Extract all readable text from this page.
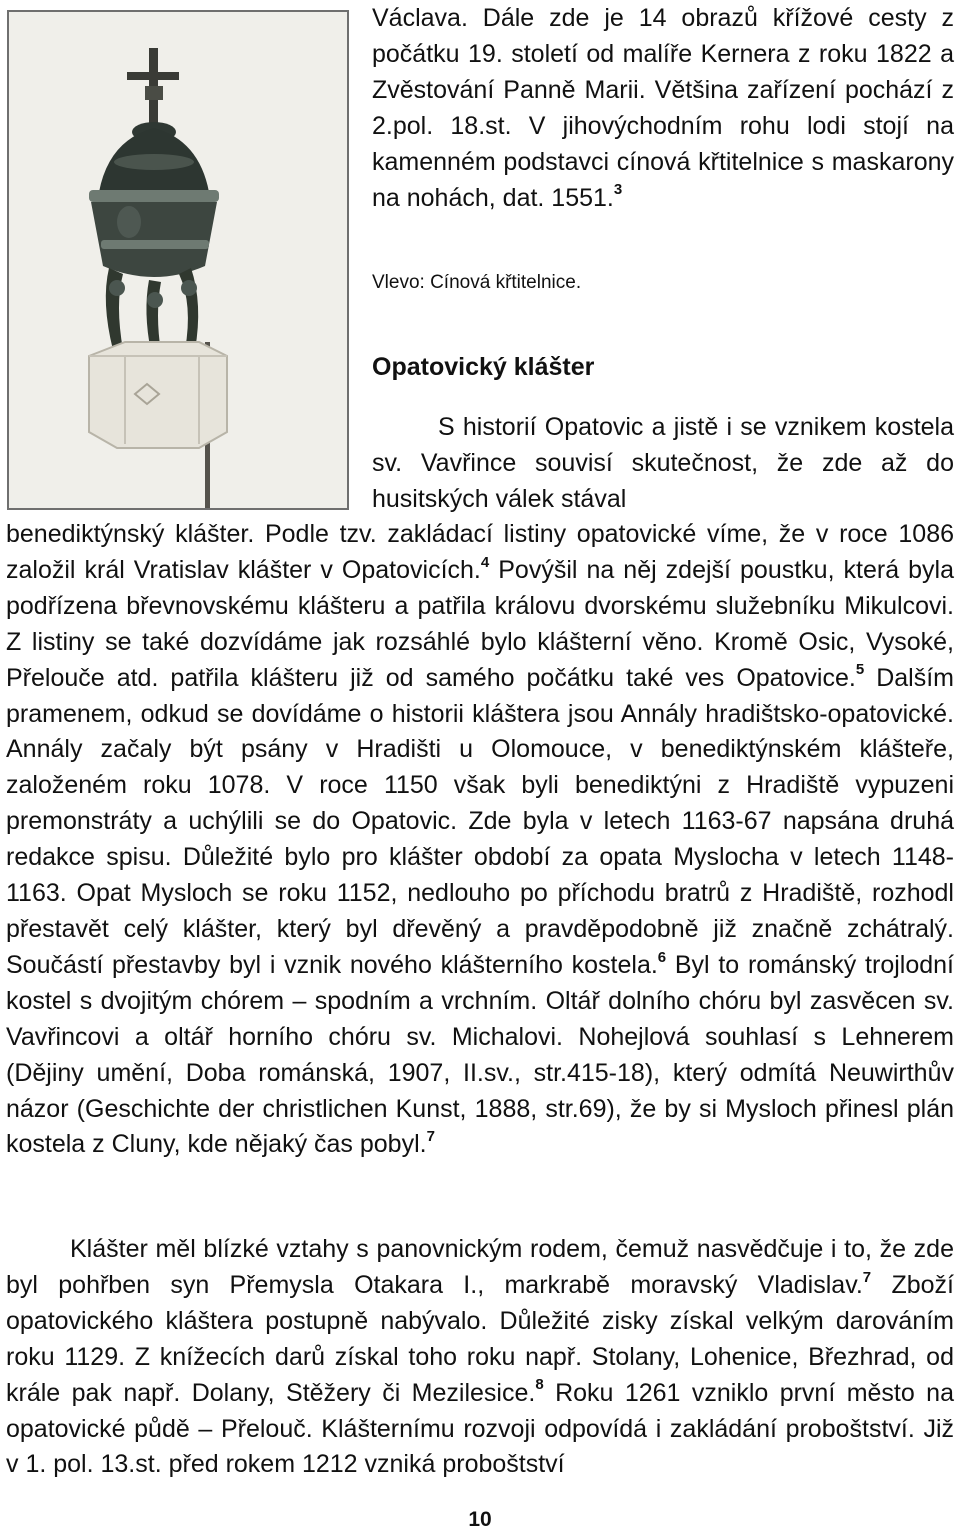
Václava. Dále zde je 14 obrazů křížové cesty z počátku 19. století od malíře Kernera z roku 1822 a Zvěstování Panně Marii. Většina zařízení pochází z 2.pol. 18.st. V jihovýchodním rohu lodi stojí na kamenném podstavci cínová křtitelnice s maskarony na nohách, dat. 1551.$^3$

Vlevo: Cínová křtitelnice.
Opatovický klášter

S historií Opatovic a jistě i se vznikem kostela sv. Vavřince souvisí skutečnost, že zde až do husitských válek stával

benediktýnský klášter. Podle tzv. zakládací listiny opatovické víme, že v roce 1086 založil král Vratislav klášter v Opatovicích.$^4$ Povýšil na něj zdejší poustku, která byla podřízena břevnovskému klášteru a patřila královu dvorskému služebníku Mikulcovi. Z listiny se také dozvídáme jak rozsáhlé bylo klášterní věno. Kromě Osic, Vysoké, Přelouče atd. patřila klášteru již od samého počátku také ves Opatovice.$^5$ Dalším pramenem, odkud se dovídáme o historii kláštera jsou Annály hradištsko-opatovické. Annály začaly být psány v Hradišti u Olomouce, v benediktýnském klášteře, založeném roku 1078. V roce 1150 však byli benediktýni z Hradiště vypuzeni premonstráty a uchýlili se do Opatovic. Zde byla v letech 1163-67 napsána druhá redakce spisu. Důležité bylo pro klášter období za opata Myslocha v letech 1148-1163. Opat Mysloch se roku 1152, nedlouho po příchodu bratrů z Hradiště, rozhodl přestavět celý klášter, který byl dřevěný a pravděpodobně již značně zchátralý. Součástí přestavby byl i vznik nového klášterního kostela.$^6$ Byl to románský trojlodní kostel s dvojitým chórem – spodním a vrchním. Oltář dolního chóru byl zasvěcen sv. Vavřincovi a oltář horního chóru sv. Michalovi. Nohejlová souhlasí s Lehnerem (Dějiny umění, Doba románská, 1907, II.sv., str.415-18), který odmítá Neuwirthův názor (Geschichte der christlichen Kunst, 1888, str.69), že by si Mysloch přinesl plán kostela z Cluny, kde nějaký čas pobyl.$^7$

Klášter měl blízké vztahy s panovnickým rodem, čemuž nasvědčuje i to, že zde byl pohřben syn Přemysla Otakara I., markrabě moravský Vladislav.$^7$ Zboží opatovického kláštera postupně nabývalo. Důležité zisky získal velkým darováním roku 1129. Z knížecích darů získal toho roku např. Stolany, Lohenice, Březhrad, od krále pak např. Dolany, Stěžery či Mezilesice.$^8$ Roku 1261 vzniklo první město na opatovické půdě – Přelouč. Klášternímu rozvoji odpovídá i zakládání proboštství. Již v 1. pol. 13.st. před rokem 1212 vzniká proboštství

10
